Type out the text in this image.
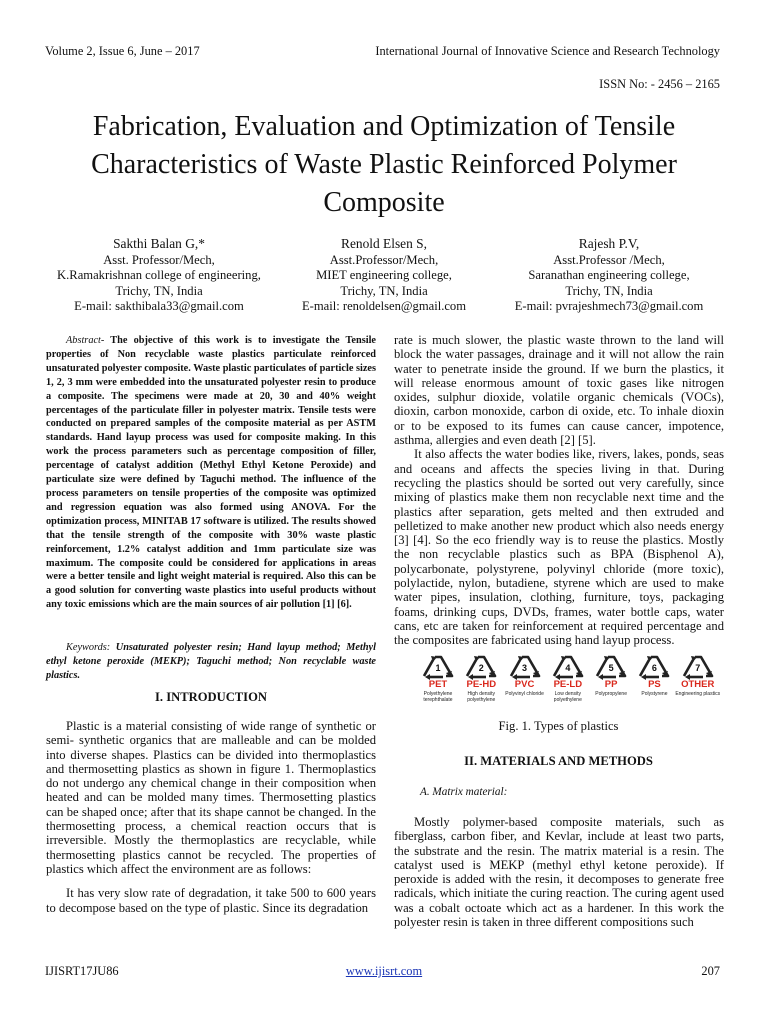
Volume 2, Issue 6, June – 2017	International Journal of Innovative Science and Research Technology
ISSN No: - 2456 – 2165
Fabrication, Evaluation and Optimization of Tensile
Characteristics of Waste Plastic Reinforced Polymer
Composite
Sakthi Balan G,*
Asst. Professor/Mech,
K.Ramakrishnan college of engineering,
Trichy, TN, India
E-mail: sakthibala33@gmail.com
Renold Elsen S,
Asst.Professor/Mech,
MIET engineering college,
Trichy, TN, India
E-mail: renoldelsen@gmail.com
Rajesh P.V,
Asst.Professor /Mech,
Saranathan engineering college,
Trichy, TN, India
E-mail: pvrajeshmech73@gmail.com

Abstract- The objective of this work is to investigate the Tensile properties of Non recyclable waste plastics particulate reinforced unsaturated polyester composite. Waste plastic particulates of particle sizes 1, 2, 3 mm were embedded into the unsaturated polyester resin to produce a composite. The specimens were made at 20, 30 and 40% weight percentages of the particulate filler in polyester matrix. Tensile tests were conducted on prepared samples of the composite material as per ASTM standards. Hand layup process was used for composite making. In this work the process parameters such as percentage composition of filler, percentage of catalyst addition (Methyl Ethyl Ketone Peroxide) and particulate size were defined by Taguchi method. The influence of the process parameters on tensile properties of the composite was optimized and regression equation was also formed using ANOVA. For the optimization process, MINITAB 17 software is utilized. The results showed that the tensile strength of the composite with 30% waste plastic reinforcement, 1.2% catalyst addition and 1mm particulate size was maximum. The composite could be considered for applications in areas were a better tensile and light weight material is required. Also this can be a good solution for converting waste plastics into useful products without any toxic emissions which are the main sources of air pollution [1] [6].

Keywords: Unsaturated polyester resin; Hand layup method; Methyl ethyl ketone peroxide (MEKP); Taguchi method; Non recyclable waste plastics.

I. INTRODUCTION

Plastic is a material consisting of wide range of synthetic or semi- synthetic organics that are malleable and can be molded into diverse shapes. Plastics can be divided into thermoplastics and thermosetting plastics as shown in figure 1. Thermoplastics do not undergo any chemical change in their composition when heated and can be molded many times. Thermosetting plastics can be shaped once; after that its shape cannot be changed. In the thermosetting process, a chemical reaction occurs that is irreversible. Mostly the thermoplastics are recyclable, while thermosetting plastics cannot be recycled. The properties of plastics which affect the environment are as follows:

It has very slow rate of degradation, it take 500 to 600 years to decompose based on the type of plastic. Since its degradation

rate is much slower, the plastic waste thrown to the land will block the water passages, drainage and it will not allow the rain water to penetrate inside the ground. If we burn the plastics, it will release enormous amount of toxic gases like nitrogen oxides, sulphur dioxide, volatile organic chemicals (VOCs), dioxin, carbon monoxide, carbon di oxide, etc. To inhale dioxin or to be exposed to its fumes can cause cancer, impotence, asthma, allergies and even death [2] [5].

It also affects the water bodies like, rivers, lakes, ponds, seas and oceans and affects the species living in that. During recycling the plastics should be sorted out very carefully, since mixing of plastics make them non recyclable next time and the plastics after separation, gets melted and then extruded and pelletized to make another new product which also needs energy [3] [4]. So the eco friendly way is to reuse the plastics. Mostly the non recyclable plastics such as BPA (Bisphenol A), polycarbonate, polystyrene, polyvinyl chloride (more toxic), polylactide, nylon, butadiene, styrene which are used to make water pipes, insulation, clothing, furniture, toys, packaging foams, drinking cups, DVDs, frames, water bottle caps, water cans, etc are taken for reinforcement at required percentage and the composites are fabricated using hand layup process.

1
PET
Polyethylene terephthalate
2
PE-HD
High density polyethylene
3
PVC
Polyvinyl chloride
4
PE-LD
Low density polyethylene
5
PP
Polypropylene
6
PS
Polystyrene
7
OTHER
Engineering plastics
Fig. 1. Types of plastics
II. MATERIALS AND METHODS
A. Matrix material:

Mostly polymer-based composite materials, such as fiberglass, carbon fiber, and Kevlar, include at least two parts, the substrate and the resin. The matrix material is a resin. The catalyst used is MEKP (methyl ethyl ketone peroxide). If peroxide is added with the resin, it decomposes to generate free radicals, which initiate the curing reaction. The curing agent used was a cobalt octoate which act as a hardener. In this work the polyester resin is taken in three different compositions such

IJISRT17JU86	www.ijisrt.com	207
